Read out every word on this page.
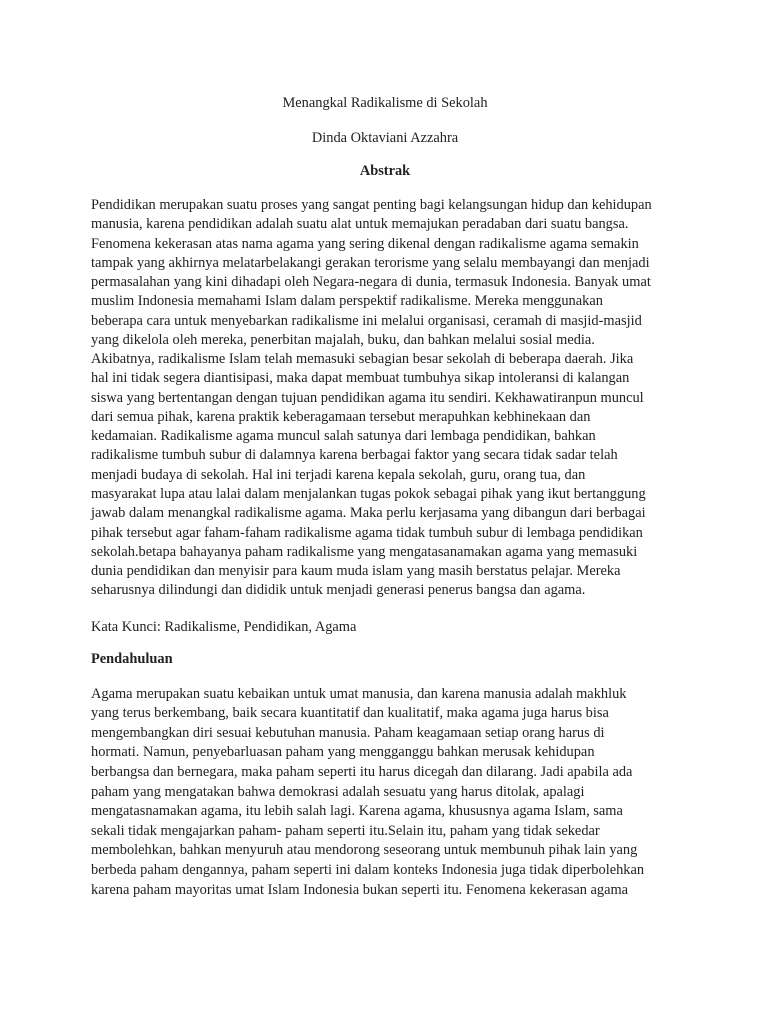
Menangkal Radikalisme di Sekolah

Dinda Oktaviani Azzahra

Abstrak

Pendidikan merupakan suatu proses yang sangat penting bagi kelangsungan hidup dan kehidupan
manusia, karena pendidikan adalah suatu alat untuk memajukan peradaban dari suatu bangsa.
Fenomena kekerasan atas nama agama yang sering dikenal dengan radikalisme agama semakin
tampak yang akhirnya melatarbelakangi gerakan terorisme yang selalu membayangi dan menjadi
permasalahan yang kini dihadapi oleh Negara-negara di dunia, termasuk Indonesia. Banyak umat
muslim Indonesia memahami Islam dalam perspektif radikalisme. Mereka menggunakan
beberapa cara untuk menyebarkan radikalisme ini melalui organisasi, ceramah di masjid-masjid
yang dikelola oleh mereka, penerbitan majalah, buku, dan bahkan melalui sosial media.
Akibatnya, radikalisme Islam telah memasuki sebagian besar sekolah di beberapa daerah. Jika
hal ini tidak segera diantisipasi, maka dapat membuat tumbuhya sikap intoleransi di kalangan
siswa yang bertentangan dengan tujuan pendidikan agama itu sendiri. Kekhawatiranpun muncul
dari semua pihak, karena praktik keberagamaan tersebut merapuhkan kebhinekaan dan
kedamaian. Radikalisme agama muncul salah satunya dari lembaga pendidikan, bahkan
radikalisme tumbuh subur di dalamnya karena berbagai faktor yang secara tidak sadar telah
menjadi budaya di sekolah. Hal ini terjadi karena kepala sekolah, guru, orang tua, dan
masyarakat lupa atau lalai dalam menjalankan tugas pokok sebagai pihak yang ikut bertanggung
jawab dalam menangkal radikalisme agama. Maka perlu kerjasama yang dibangun dari berbagai
pihak tersebut agar faham-faham radikalisme agama tidak tumbuh subur di lembaga pendidikan
sekolah.betapa bahayanya paham radikalisme yang mengatasanamakan agama yang memasuki
dunia pendidikan dan menyisir para kaum muda islam yang masih berstatus pelajar. Mereka
seharusnya dilindungi dan dididik untuk menjadi generasi penerus bangsa dan agama.

Kata Kunci: Radikalisme, Pendidikan, Agama

Pendahuluan

Agama merupakan suatu kebaikan untuk umat manusia, dan karena manusia adalah makhluk
yang terus berkembang, baik secara kuantitatif dan kualitatif, maka agama juga harus bisa
mengembangkan diri sesuai kebutuhan manusia. Paham keagamaan setiap orang harus di
hormati. Namun, penyebarluasan paham yang mengganggu bahkan merusak kehidupan
berbangsa dan bernegara, maka paham seperti itu harus dicegah dan dilarang. Jadi apabila ada
paham yang mengatakan bahwa demokrasi adalah sesuatu yang harus ditolak, apalagi
mengatasnamakan agama, itu lebih salah lagi. Karena agama, khususnya agama Islam, sama
sekali tidak mengajarkan paham- paham seperti itu.Selain itu, paham yang tidak sekedar
membolehkan, bahkan menyuruh atau mendorong seseorang untuk membunuh pihak lain yang
berbeda paham dengannya, paham seperti ini dalam konteks Indonesia juga tidak diperbolehkan
karena paham mayoritas umat Islam Indonesia bukan seperti itu. Fenomena kekerasan agama
